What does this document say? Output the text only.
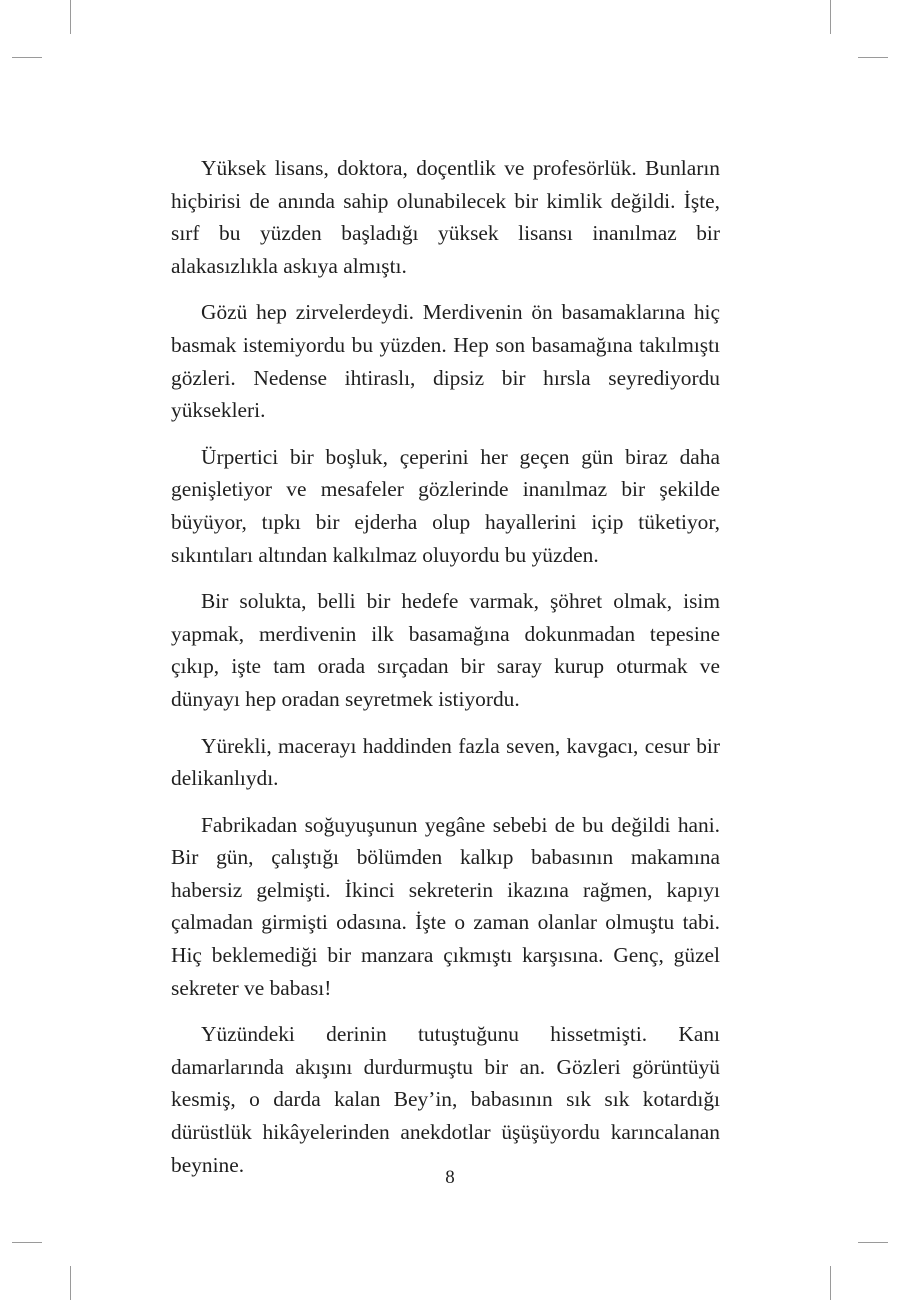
Yüksek lisans, doktora, doçentlik ve profesörlük. Bunların hiçbirisi de anında sahip olunabilecek bir kimlik değildi. İşte, sırf bu yüzden başladığı yüksek lisansı inanılmaz bir alakasızlıkla askıya almıştı.

Gözü hep zirvelerdeydi. Merdivenin ön basamaklarına hiç basmak istemiyordu bu yüzden. Hep son basamağına takılmıştı gözleri. Nedense ihtiraslı, dipsiz bir hırsla seyrediyordu yüksekleri.

Ürpertici bir boşluk, çeperini her geçen gün biraz daha genişletiyor ve mesafeler gözlerinde inanılmaz bir şekilde büyüyor, tıpkı bir ejderha olup hayallerini içip tüketiyor, sıkıntıları altından kalkılmaz oluyordu bu yüzden.

Bir solukta, belli bir hedefe varmak, şöhret olmak, isim yapmak, merdivenin ilk basamağına dokunmadan tepesine çıkıp, işte tam orada sırçadan bir saray kurup oturmak ve dünyayı hep oradan seyretmek istiyordu.

Yürekli, macerayı haddinden fazla seven, kavgacı, cesur bir delikanlıydı.

Fabrikadan soğuyuşunun yegâne sebebi de bu değildi hani. Bir gün, çalıştığı bölümden kalkıp babasının makamına habersiz gelmişti. İkinci sekreterin ikazına rağmen, kapıyı çalmadan girmişti odasına. İşte o zaman olanlar olmuştu tabi. Hiç beklemediği bir manzara çıkmıştı karşısına. Genç, güzel sekreter ve babası!

Yüzündeki derinin tutuştuğunu hissetmişti. Kanı damarlarında akışını durdurmuştu bir an. Gözleri görüntüyü kesmiş, o darda kalan Bey’in, babasının sık sık kotardığı dürüstlük hikâyelerinden anekdotlar üşüşüyordu karıncalanan beynine.

8
